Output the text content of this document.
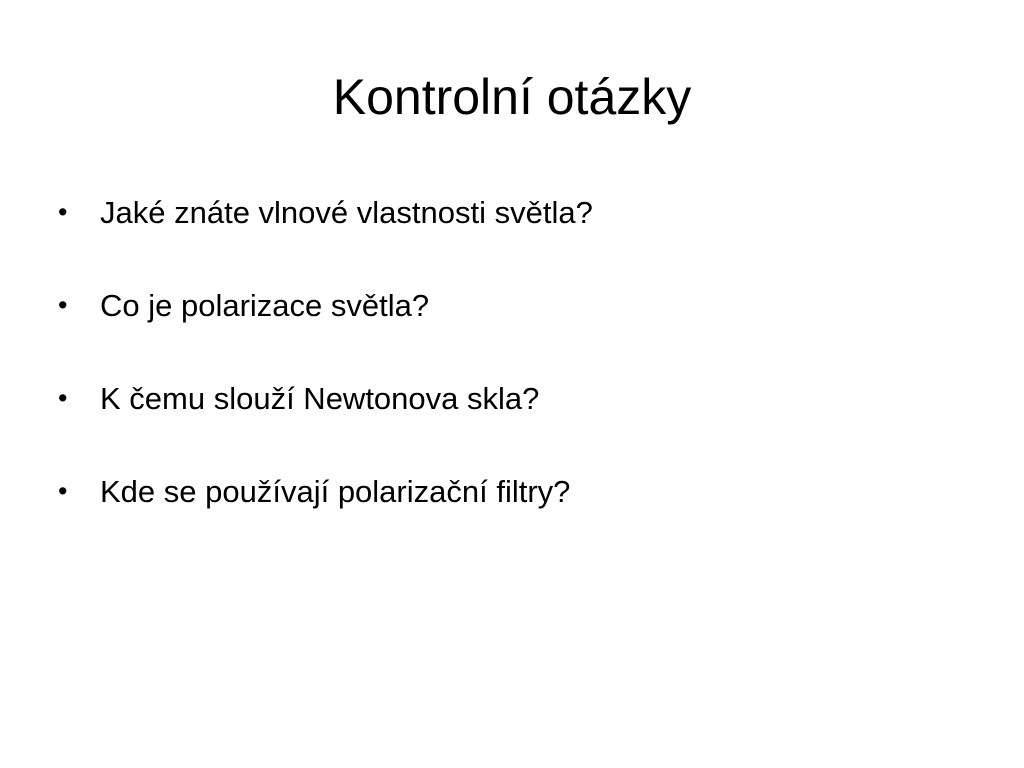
Kontrolní otázky
•	Jaké znáte vlnové vlastnosti světla?
•	Co je polarizace světla?
•	K čemu slouží Newtonova skla?
•	Kde se používají polarizační filtry?
